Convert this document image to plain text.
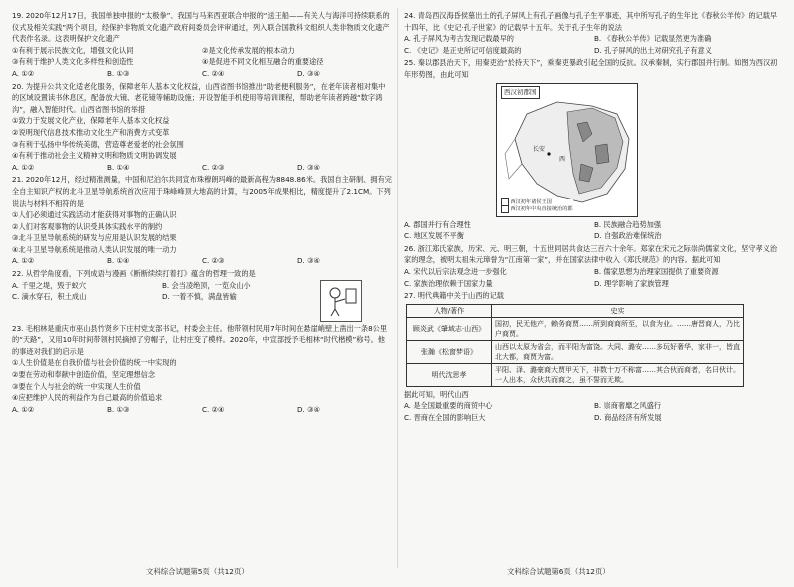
19. 2020年12月17日，我国单独申报的“太极拳”、我国与马来西亚联合申报的“送王船——有关人与海洋可持续联系的仪式及相关实践”两个项目，经保护非物质文化遗产政府间委员会评审通过，列入联合国教科文组织人类非物质文化遗产代表作名录。这表明保护文化遗产
①有利于展示民族文化，增强文化认同	②是文化传承发展的根本动力
③有利于维护人类文化多样性和创造性	④是促进不同文化相互融合的重要途径
A. ①②	B. ①③	C. ②④	D. ③④
20. 为提升公共文化适老化服务，保障老年人基本文化权益，山西省图书馆推出“助老便利服务”，在老年读者相对集中的区域设置读书休息区，配备放大镜、老花镜等辅助设施；开设智能手机使用等培训课程，帮助老年读者跨越“数字鸿沟”，融入智能时代。山西省图书馆的举措
①致力于发展文化产业，保障老年人基本文化权益
②说明现代信息技术推动文化生产和消费方式变革
③有利于弘扬中华传统美德，营造尊老爱老的社会氛围
④有利于推动社会主义精神文明和物质文明协调发展
A. ①②	B. ①④	C. ②③	D. ③④
21. 2020年12月，经过精准测量，中国和尼泊尔共同宣布珠穆朗玛峰的最新高程为8848.86米。我国自主研制、拥有完全自主知识产权的北斗卫星导航系统首次应用于珠峰峰顶大地高的计算，与2005年成果相比，精度提升了2.1CM。下列说法与材料不相符的是
①人们必须通过实践活动才能获得对事物的正确认识
②人们对客观事物的认识受具体实践水平的制约
③北斗卫星导航系统的研发与应用是认识发展的结果
④北斗卫星导航系统是推动人类认识发展的唯一动力
A. ①②	B. ①④	C. ②③	D. ③④
22. 从哲学角度看，下列成语与漫画《断断续续打着打》蕴含的哲理一致的是
A. 千里之堤，毁于蚁穴	B. 会当凌绝顶，一览众山小
C. 滴水穿石，积土成山	D. 一着不慎，满盘皆输
23. 毛相林是重庆市巫山县竹贤乡下庄村党支部书记，村委会主任。他带领村民用7年时间在悬崖峭壁上凿出一条8公里的“天路”，又用10年时间带领村民摘掉了穷帽子，让村庄变了模样。2020年，中宣部授予毛相林“时代楷模”称号。他的事迹对我们的启示是
①人生价值是在自我价值与社会价值的统一中实现的
②要在劳动和奉献中创造价值，坚定理想信念
③要在个人与社会的统一中实现人生价值
④应把维护人民的利益作为自己最高的价值追求
A. ①②	B. ①③	C. ②④	D. ③④
24. 青岛西汉海昏侯墓出土的孔子屏风上有孔子画像与孔子生平事迹，其中所写孔子的生年比《春秋公羊传》的记载早十四年，比《史记·孔子世家》的记载早十五年。关于孔子生年的说法
A. 孔子屏风为考古发现记载最早的	B. 《春秋公羊传》记载显然更为准确
C. 《史记》是正史所记可信度最高的	D. 孔子屏风的出土对研究孔子有意义
25. 秦以郡县治天下，用秦吏治“於持天下”，乘秦吏暴政引起全国的反抗。汉承秦制，实行郡国并行制。如图为西汉初年形势图，由此可知
西汉初郡国
长安
西
西汉初年诸侯王国
西汉初年中央直接统治的郡
A. 郡国并行有合理性	B. 民族融合趋势加强
C. 地区发展不平衡	D. 自强政治难保统治
26. 浙江郑氏家族，历宋、元、明三朝，十五世同居共食达三百六十余年。郑家在宋元之际崇尚儒家文化，坚守孝义治家的理念，被明太祖朱元璋誉为“江南第一家”，并在国家法律中收入《郑氏规范》的内容。据此可知
A. 宋代以后宗法观念进一步强化	B. 儒家思想为治理家国提供了重要资源
C. 家族治理依赖于国家力量	D. 理学影响了家族管理
27. 明代典籍中关于山西的记载
人物/著作	史实
顾炎武《肇域志·山西》	国初，民无他产，赖务商贾……所到商商所至，以食为业。……唐晋商人，乃比户商贾。
张瀚《松窗梦语》	山西以太原为省会，而平阳为富饶。大同、潞安……多玩好奢华，家非一，皆直北大都，商贾为富。
明代沈思孝	平阳、泽、潞豪商大贾甲天下，非数十万不称富……其合伙而商者，名曰伙计。一人出本，众伙共而商之，虽不誓而无欺。
据此可知，明代山西
A. 是全国最重要的商贸中心	B. 崇商奢靡之风盛行
C. 晋商在全国的影响巨大	D. 商品经济有所发展
文科综合试题第5页（共12页）	文科综合试题第6页（共12页）
